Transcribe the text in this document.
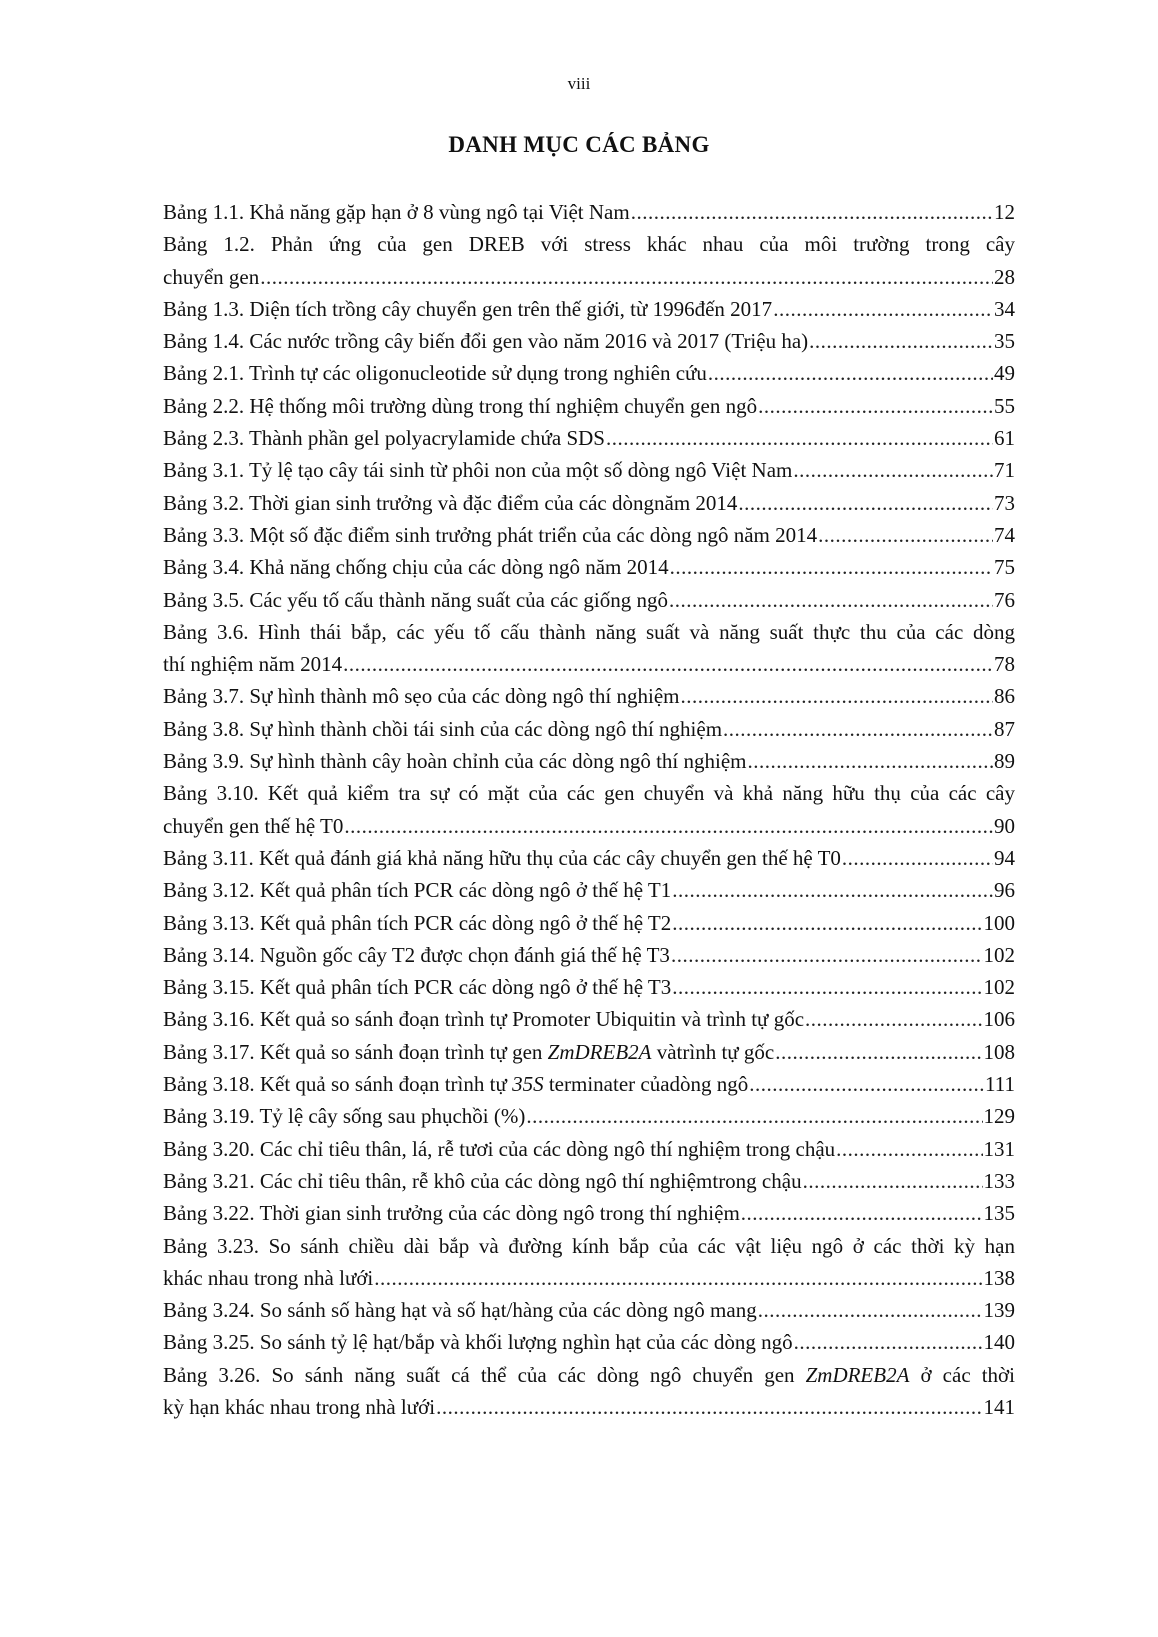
viii
DANH MỤC CÁC BẢNG
Bảng 1.1. Khả năng gặp hạn ở 8 vùng ngô tại Việt Nam .....	12
Bảng 1.2. Phản ứng của gen DREB với stress khác nhau của môi trường trong cây
chuyển gen .....	28
Bảng 1.3. Diện tích trồng cây chuyển gen trên thế giới, từ 1996đến 2017 .....	34
Bảng 1.4. Các nước trồng cây biến đổi gen vào năm 2016 và 2017 (Triệu ha) .....	35
Bảng 2.1. Trình tự các oligonucleotide sử dụng trong nghiên cứu .....	49
Bảng 2.2. Hệ thống môi trường dùng trong thí nghiệm chuyển gen ngô .....	55
Bảng 2.3. Thành phần gel polyacrylamide chứa SDS .....	61
Bảng 3.1. Tỷ lệ tạo cây tái sinh từ phôi non của một số dòng ngô Việt Nam .....	71
Bảng 3.2. Thời gian sinh trưởng và đặc điểm của các dòngnăm 2014 .....	73
Bảng 3.3. Một số đặc điểm sinh trưởng phát triển của các dòng ngô năm 2014 .....	74
Bảng 3.4. Khả năng chống chịu của các dòng ngô năm 2014 .....	75
Bảng 3.5. Các yếu tố cấu thành năng suất của các giống ngô .....	76
Bảng 3.6. Hình thái bắp, các yếu tố cấu thành năng suất và năng suất thực thu của các dòng
thí nghiệm năm 2014 .....	78
Bảng 3.7. Sự hình thành mô sẹo của các dòng ngô thí nghiệm .....	86
Bảng 3.8. Sự hình thành chồi tái sinh của các dòng ngô thí nghiệm .....	87
Bảng 3.9. Sự hình thành cây hoàn chỉnh của các dòng ngô thí nghiệm .....	89
Bảng 3.10. Kết quả kiểm tra sự có mặt của các gen chuyển và khả năng hữu thụ của các cây
chuyển gen thế hệ T0 .....	90
Bảng 3.11. Kết quả đánh giá khả năng hữu thụ của các cây chuyển gen thế hệ T0 .....	94
Bảng 3.12. Kết quả phân tích PCR các dòng ngô ở thế hệ T1 .....	96
Bảng 3.13. Kết quả phân tích PCR các dòng ngô ở thế hệ T2 .....	100
Bảng 3.14. Nguồn gốc cây T2 được chọn đánh giá thế hệ T3 .....	102
Bảng 3.15. Kết quả phân tích PCR các dòng ngô ở thế hệ T3 .....	102
Bảng 3.16. Kết quả so sánh đoạn trình tự Promoter Ubiquitin và trình tự gốc .....	106
Bảng 3.17. Kết quả so sánh đoạn trình tự gen ZmDREB2A vàtrình tự gốc .....	108
Bảng 3.18. Kết quả so sánh đoạn trình tự 35S terminater củadòng ngô .....	111
Bảng 3.19. Tỷ lệ cây sống sau phụchồi (%) .....	129
Bảng 3.20. Các chỉ tiêu thân, lá, rễ tươi của các dòng ngô thí nghiệm trong chậu .....	131
Bảng 3.21. Các chỉ tiêu thân, rễ khô của các dòng ngô thí nghiệmtrong chậu .....	133
Bảng 3.22. Thời gian sinh trưởng của các dòng ngô trong thí nghiệm .....	135
Bảng 3.23. So sánh chiều dài bắp và đường kính bắp của các vật liệu ngô ở các thời kỳ hạn
khác nhau trong nhà lưới .....	138
Bảng 3.24. So sánh số hàng hạt và số hạt/hàng của các dòng ngô mang .....	139
Bảng 3.25. So sánh tỷ lệ hạt/bắp và khối lượng nghìn hạt của các dòng ngô .....	140
Bảng 3.26. So sánh năng suất cá thể của các dòng ngô chuyển gen ZmDREB2A ở các thời
kỳ hạn khác nhau trong nhà lưới .....	141
